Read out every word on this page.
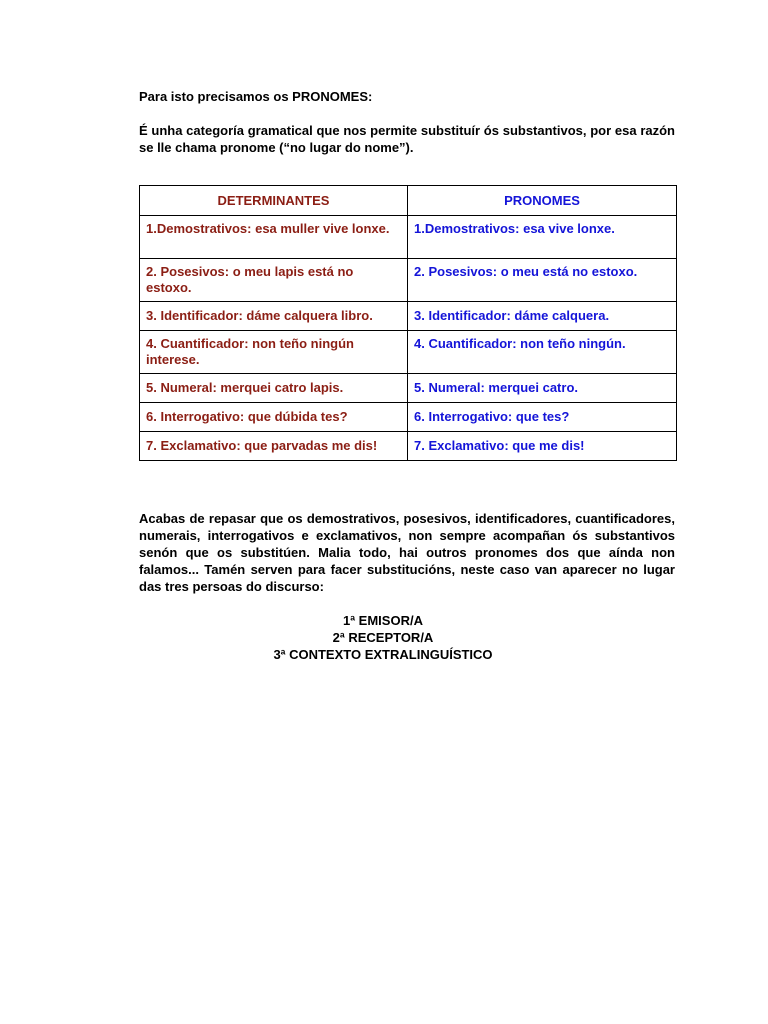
Para isto precisamos os PRONOMES:

É unha categoría gramatical que nos permite substituír ós substantivos, por esa razón se lle chama pronome (“no lugar do nome”).

DETERMINANTES	PRONOMES
1.Demostrativos: esa muller vive lonxe.	1.Demostrativos: esa vive lonxe.
2. Posesivos: o meu lapis está no estoxo.	2. Posesivos: o meu está no estoxo.
3. Identificador: dáme calquera libro.	3. Identificador: dáme calquera.
4. Cuantificador: non teño ningún interese.	4. Cuantificador: non teño ningún.
5. Numeral: merquei catro lapis.	5. Numeral: merquei catro.
6. Interrogativo: que dúbida tes?	6. Interrogativo: que tes?
7. Exclamativo: que parvadas me dis!	7. Exclamativo: que me dis!

Acabas de repasar que os demostrativos, posesivos, identificadores, cuantificadores, numerais, interrogativos e exclamativos, non sempre acompañan ós substantivos senón que os substitúen. Malia todo, hai outros pronomes dos que aínda non falamos... Tamén serven para facer substitucións, neste caso van aparecer no lugar das tres persoas do discurso:

1ª EMISOR/A
2ª RECEPTOR/A
3ª CONTEXTO EXTRALINGUÍSTICO
